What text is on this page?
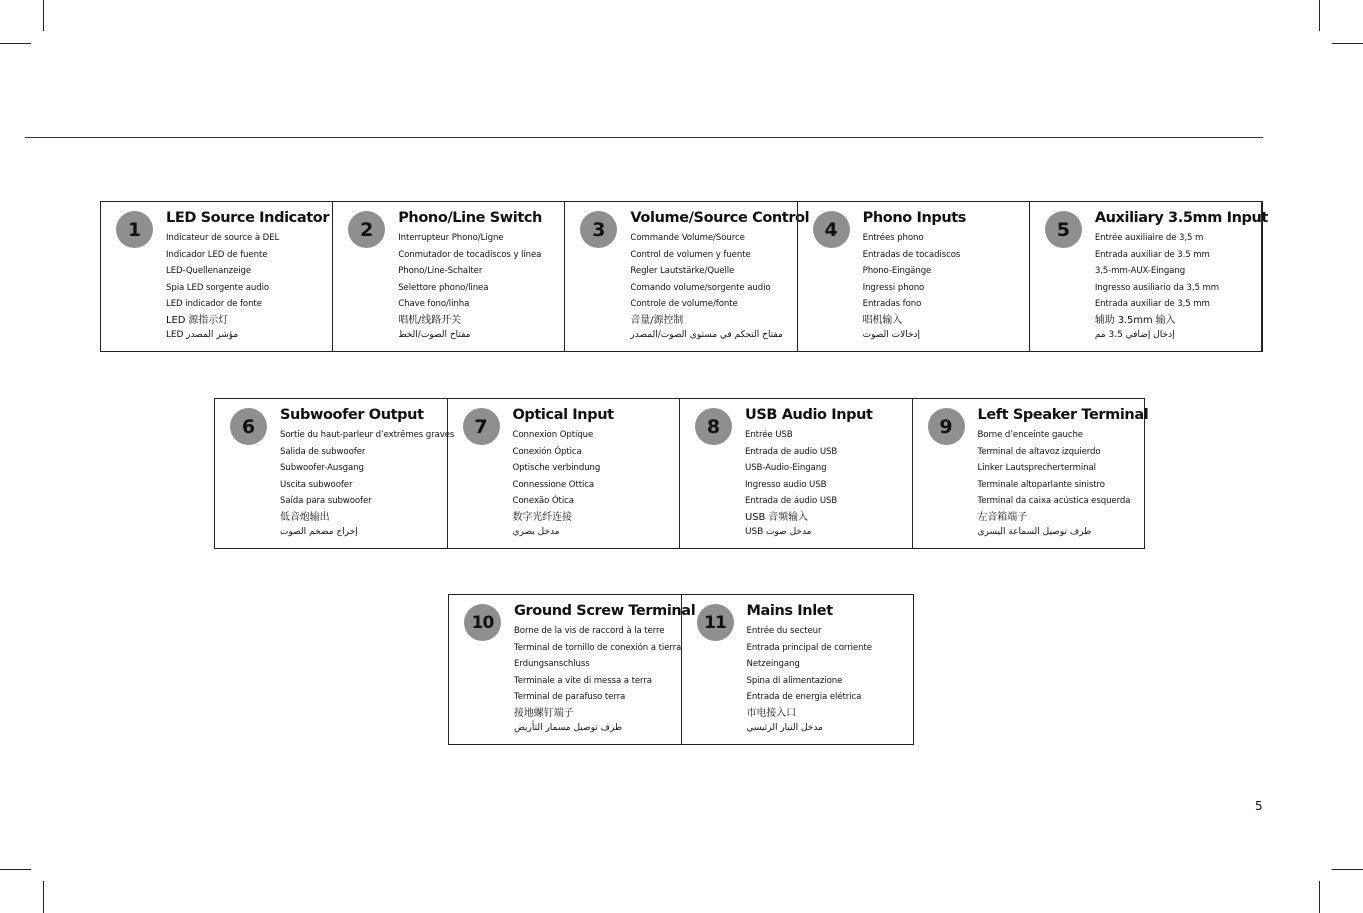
1
LED Source Indicator
Indicateur de source à DEL
Indicador LED de fuente
LED-Quellenanzeige
Spia LED sorgente audio
LED indicador de fonte
LED 源指示灯
LED مؤشر المصدر
2
Phono/Line Switch
Interrupteur Phono/Ligne
Conmutador de tocadiscos y línea
Phono/Line-Schalter
Selettore phono/linea
Chave fono/linha
唱机/线路开关
مفتاح الصوت/الخط
3
Volume/Source Control
Commande Volume/Source
Control de volumen y fuente
Regler Lautstärke/Quelle
Comando volume/sorgente audio
Controle de volume/fonte
音量/源控制
مفتاح التحكم في مستوى الصوت/المصدر
4
Phono Inputs
Entrées phono
Entradas de tocadiscos
Phono-Eingänge
Ingressi phono
Entradas fono
唱机输入
إدخالات الصوت
5
Auxiliary 3.5mm Input
Entrée auxiliaire de 3,5 m
Entrada auxiliar de 3.5 mm
3,5-mm-AUX-Eingang
Ingresso ausiliario da 3,5 mm
Entrada auxiliar de 3,5 mm
辅助 3.5mm 输入
إدخال إضافي 3.5 مم
6
Subwoofer Output
Sortie du haut-parleur d’extrêmes graves
Salida de subwoofer
Subwoofer-Ausgang
Uscita subwoofer
Saída para subwoofer
低音炮输出
إخراج مضخم الصوت
7
Optical Input
Connexion Optique
Conexión Óptica
Optische verbindung
Connessione Ottica
Conexão Ótica
数字光纤连接
مدخل بصري
8
USB Audio Input
Entrée USB
Entrada de audio USB
USB-Audio-Eingang
Ingresso audio USB
Entrada de áudio USB
USB 音频输入
USB مدخل صوت
9
Left Speaker Terminal
Borne d’enceinte gauche
Terminal de altavoz izquierdo
Linker Lautsprecherterminal
Terminale altoparlante sinistro
Terminal da caixa acústica esquerda
左音箱端子
طرف توصيل السماعة اليسرى
10
Ground Screw Terminal
Borne de la vis de raccord à la terre
Terminal de tornillo de conexión a tierra
Erdungsanschluss
Terminale a vite di messa a terra
Terminal de parafuso terra
接地螺钉端子
طرف توصيل مسمار التأريض
11
Mains Inlet
Entrée du secteur
Entrada principal de corriente
Netzeingang
Spina di alimentazione
Entrada de energia elétrica
市电接入口
مدخل التيار الرئيسي
5
